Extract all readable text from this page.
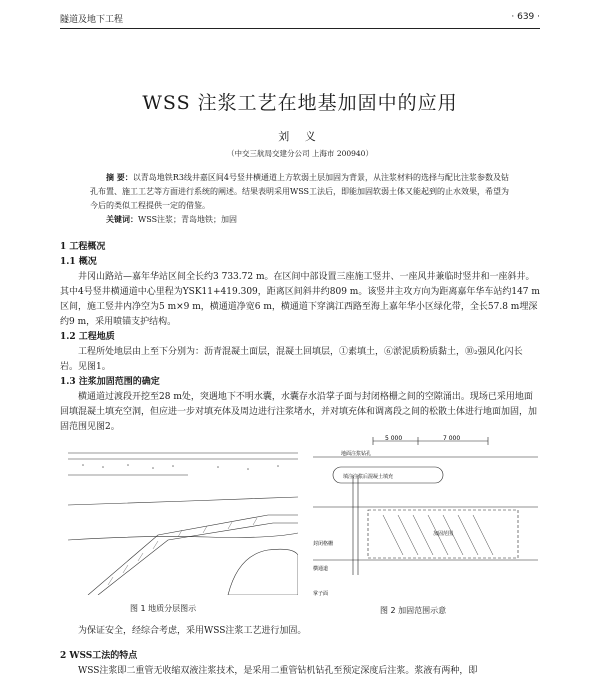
隧道及地下工程	· 639 ·
WSS 注浆工艺在地基加固中的应用
刘 义
（中交三航局交建分公司 上海市 200940）
摘 要：以青岛地铁R3线井嘉区间4号竖井横通道上方软弱土层加固为背景，从注浆材料的选择与配比注浆参数及钻孔布置、施工工艺等方面进行系统的阐述。结果表明采用WSS工法后，即能加固软弱土体又能起到的止水效果，希望为今后的类似工程提供一定的借鉴。
关键词：WSS注浆；青岛地铁；加固
1 工程概况
1.1 概况
井冈山路站—嘉年华站区间全长约3 733.72 m。在区间中部设置三座施工竖井、一座风井兼临时竖井和一座斜井。其中4号竖井横通道中心里程为YSK11+419.309，距离区间斜井约809 m。该竖井主攻方向为距离嘉年华车站约147 m区间，施工竖井内净空为5 m×9 m，横通道净宽6 m，横通道下穿漓江西路至海上嘉年华小区绿化带，全长57.8 m埋深约9 m，采用喷锚支护结构。
1.2 工程地质
工程所处地层由上至下分别为：沥青混凝土面层，混凝土回填层，①素填土，⑥淤泥质粉质黏土，⑩₂强风化闪长岩。见图1。
1.3 注浆加固范围的确定
横通道过渡段开挖至28 m处，突遇地下不明水囊，水囊存水沿掌子面与封闭格栅之间的空隙涌出。现场已采用地面回填混凝土填充空洞，但应进一步对填充体及周边进行注浆堵水，并对填充体和调离段之间的松散土体进行地面加固，加固范围见图2。
5 000	7 000
地面注浆钻孔
填注注浆后混凝土填充
加固范围
封闭格栅
横通道
掌子面
图 1 地质分层图示	图 2 加固范围示意
为保证安全，经综合考虑，采用WSS注浆工艺进行加固。
2 WSS工法的特点
WSS注浆即二重管无收缩双液注浆技术，是采用二重管钻机钻孔至预定深度后注浆。浆液有两种，即
